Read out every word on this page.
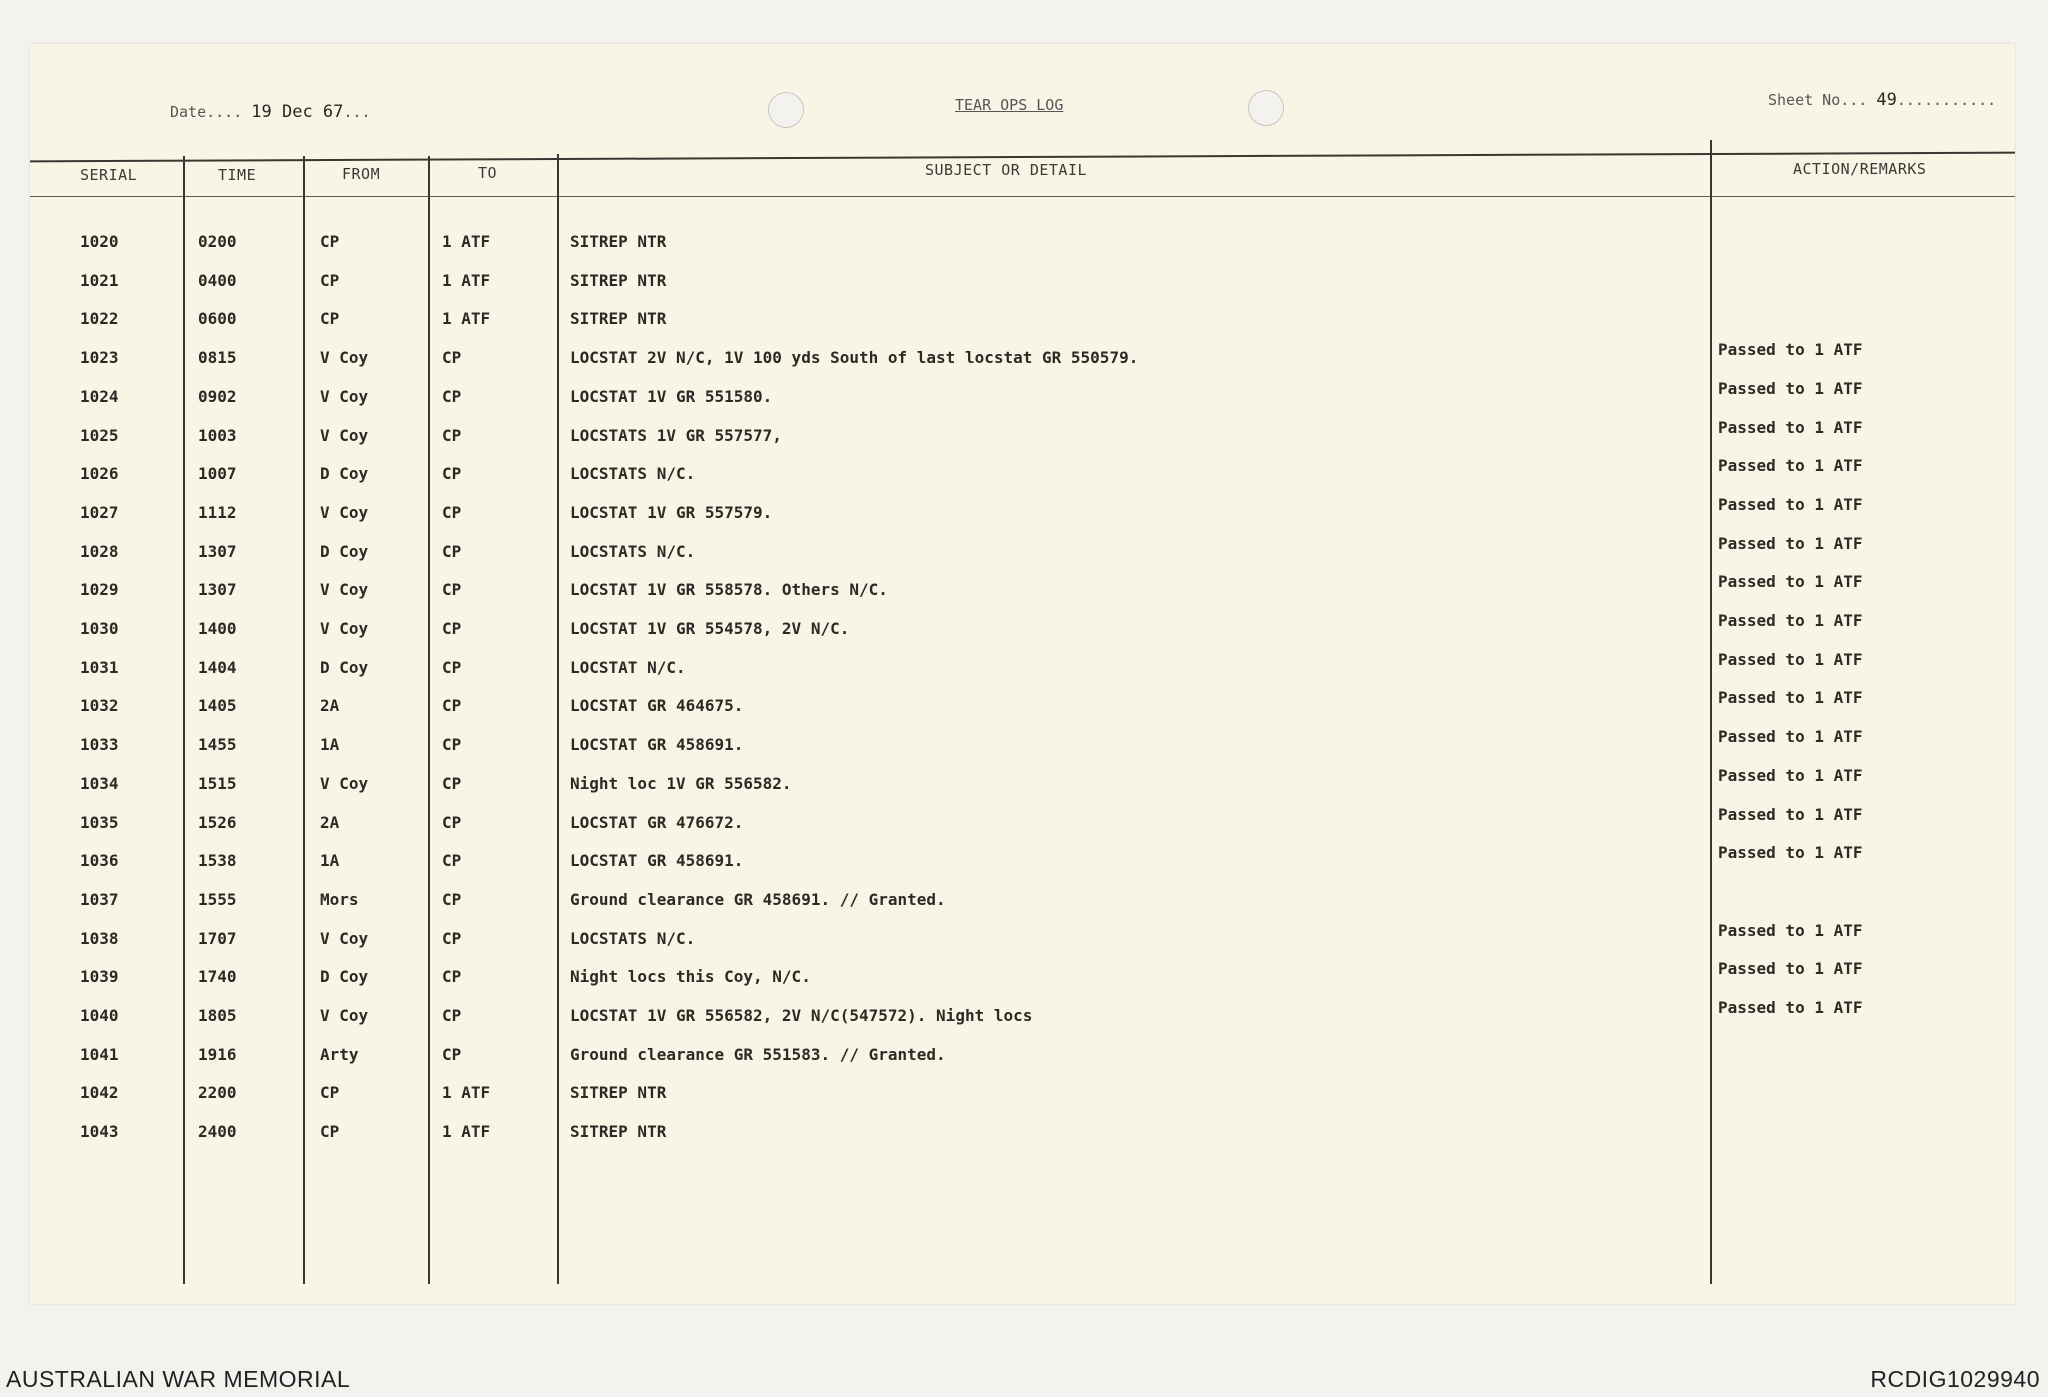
Date.... 19 Dec 67...	TEAR OPS LOG	Sheet No... 49...........
SERIAL	TIME	FROM	TO	SUBJECT OR DETAIL	ACTION/REMARKS
1020	0200	CP	1 ATF	SITREP NTR
1021	0400	CP	1 ATF	SITREP NTR
1022	0600	CP	1 ATF	SITREP NTR
1023	0815	V Coy	CP	LOCSTAT 2V N/C, 1V 100 yds South of last locstat GR 550579.	Passed to 1 ATF
1024	0902	V Coy	CP	LOCSTAT 1V GR 551580.	Passed to 1 ATF
1025	1003	V Coy	CP	LOCSTATS 1V GR 557577,	Passed to 1 ATF
1026	1007	D Coy	CP	LOCSTATS N/C.	Passed to 1 ATF
1027	1112	V Coy	CP	LOCSTAT 1V GR 557579.	Passed to 1 ATF
1028	1307	D Coy	CP	LOCSTATS N/C.	Passed to 1 ATF
1029	1307	V Coy	CP	LOCSTAT 1V GR 558578. Others N/C.	Passed to 1 ATF
1030	1400	V Coy	CP	LOCSTAT 1V GR 554578, 2V N/C.	Passed to 1 ATF
1031	1404	D Coy	CP	LOCSTAT N/C.	Passed to 1 ATF
1032	1405	2A	CP	LOCSTAT GR 464675.	Passed to 1 ATF
1033	1455	1A	CP	LOCSTAT GR 458691.	Passed to 1 ATF
1034	1515	V Coy	CP	Night loc 1V GR 556582.	Passed to 1 ATF
1035	1526	2A	CP	LOCSTAT GR 476672.	Passed to 1 ATF
1036	1538	1A	CP	LOCSTAT GR 458691.	Passed to 1 ATF
1037	1555	Mors	CP	Ground clearance GR 458691. // Granted.
1038	1707	V Coy	CP	LOCSTATS N/C.	Passed to 1 ATF
1039	1740	D Coy	CP	Night locs this Coy, N/C.	Passed to 1 ATF
1040	1805	V Coy	CP	LOCSTAT 1V GR 556582, 2V N/C(547572). Night locs	Passed to 1 ATF
1041	1916	Arty	CP	Ground clearance GR 551583. // Granted.
1042	2200	CP	1 ATF	SITREP NTR
1043	2400	CP	1 ATF	SITREP NTR
AUSTRALIAN WAR MEMORIAL	RCDIG1029940
